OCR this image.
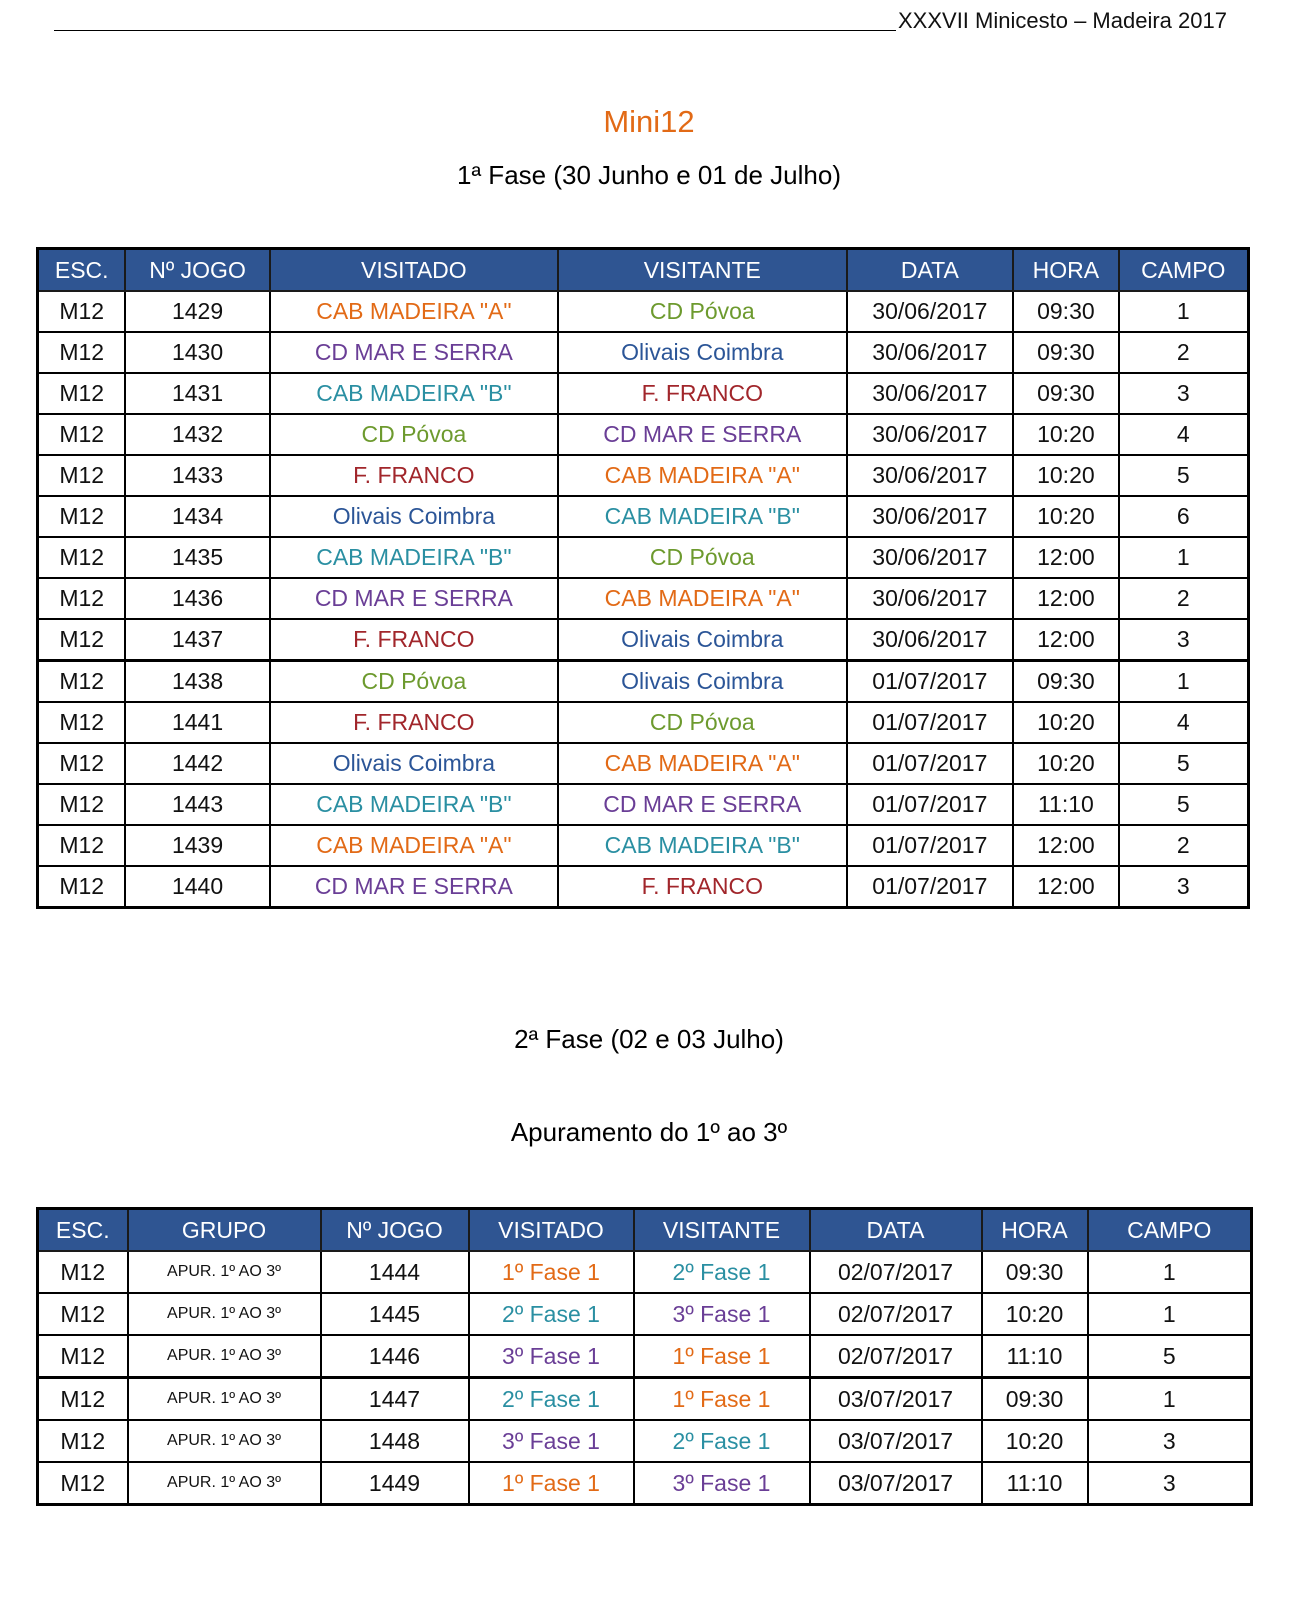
XXXVII Minicesto – Madeira 2017
Mini12
1ª Fase (30 Junho e 01 de Julho)
ESC.	Nº JOGO	VISITADO	VISITANTE	DATA	HORA	CAMPO
M12	1429	CAB MADEIRA "A"	CD Póvoa	30/06/2017	09:30	1
M12	1430	CD MAR E SERRA	Olivais Coimbra	30/06/2017	09:30	2
M12	1431	CAB MADEIRA "B"	F. FRANCO	30/06/2017	09:30	3
M12	1432	CD Póvoa	CD MAR E SERRA	30/06/2017	10:20	4
M12	1433	F. FRANCO	CAB MADEIRA "A"	30/06/2017	10:20	5
M12	1434	Olivais Coimbra	CAB MADEIRA "B"	30/06/2017	10:20	6
M12	1435	CAB MADEIRA "B"	CD Póvoa	30/06/2017	12:00	1
M12	1436	CD MAR E SERRA	CAB MADEIRA "A"	30/06/2017	12:00	2
M12	1437	F. FRANCO	Olivais Coimbra	30/06/2017	12:00	3
M12	1438	CD Póvoa	Olivais Coimbra	01/07/2017	09:30	1
M12	1441	F. FRANCO	CD Póvoa	01/07/2017	10:20	4
M12	1442	Olivais Coimbra	CAB MADEIRA "A"	01/07/2017	10:20	5
M12	1443	CAB MADEIRA "B"	CD MAR E SERRA	01/07/2017	11:10	5
M12	1439	CAB MADEIRA "A"	CAB MADEIRA "B"	01/07/2017	12:00	2
M12	1440	CD MAR E SERRA	F. FRANCO	01/07/2017	12:00	3
2ª Fase (02 e 03 Julho)
Apuramento do 1º ao 3º
ESC.	GRUPO	Nº JOGO	VISITADO	VISITANTE	DATA	HORA	CAMPO
M12	APUR. 1º AO 3º	1444	1º Fase 1	2º Fase 1	02/07/2017	09:30	1
M12	APUR. 1º AO 3º	1445	2º Fase 1	3º Fase 1	02/07/2017	10:20	1
M12	APUR. 1º AO 3º	1446	3º Fase 1	1º Fase 1	02/07/2017	11:10	5
M12	APUR. 1º AO 3º	1447	2º Fase 1	1º Fase 1	03/07/2017	09:30	1
M12	APUR. 1º AO 3º	1448	3º Fase 1	2º Fase 1	03/07/2017	10:20	3
M12	APUR. 1º AO 3º	1449	1º Fase 1	3º Fase 1	03/07/2017	11:10	3
